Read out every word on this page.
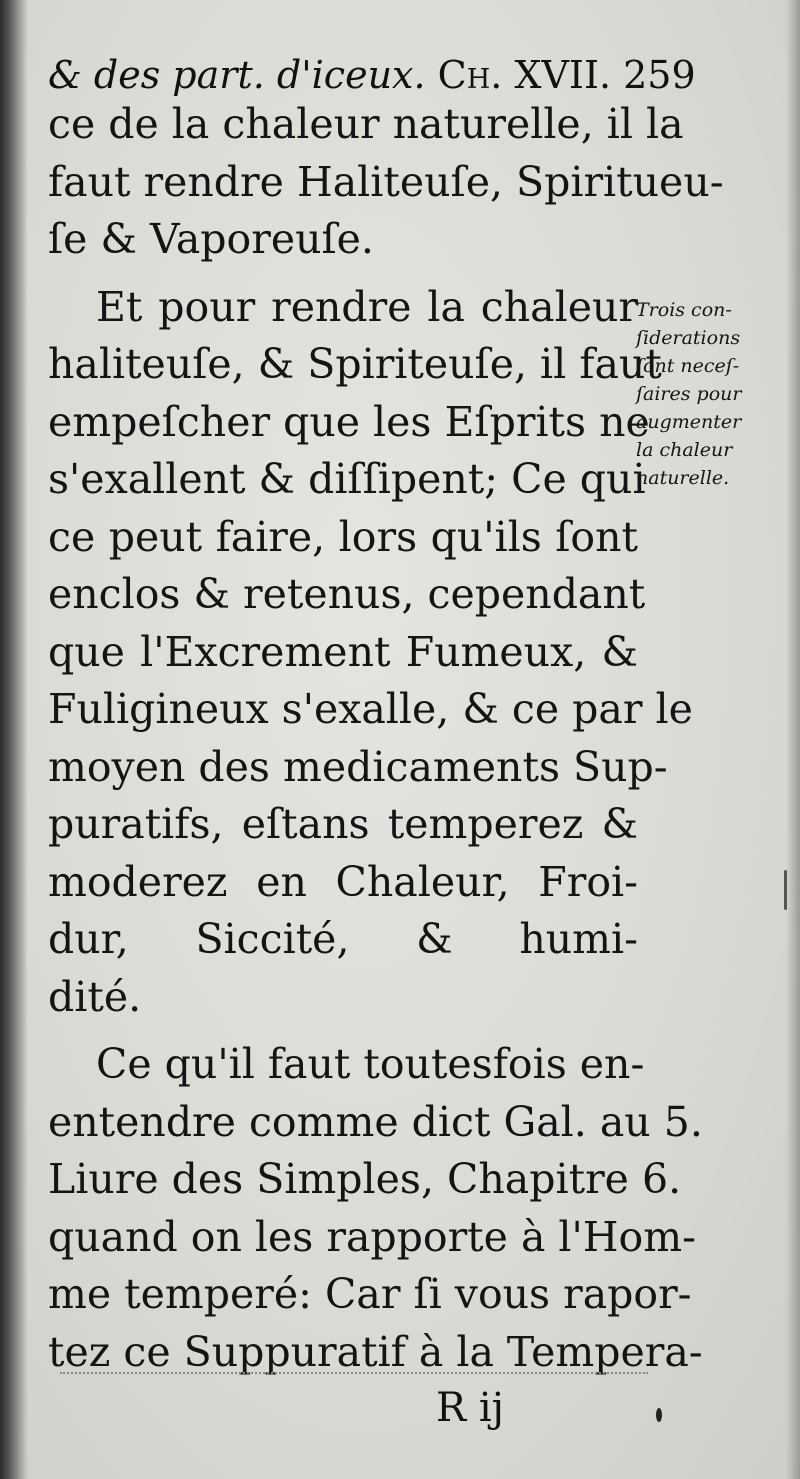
& des part. d'iceux. Ch. XVII. 259
ce de la chaleur naturelle, il la
faut rendre Haliteuſe, Spiritueu-
ſe & Vaporeuſe.
Et pour rendre la chaleur
haliteuſe, & Spiriteuſe, il faut
empeſcher que les Eſprits ne
s'exallent & diſſipent; Ce qui
ce peut faire, lors qu'ils ſont
enclos & retenus, cependant
que l'Excrement Fumeux, &
Fuligineux s'exalle, & ce par le
moyen des medicaments Sup-
puratifs, eſtans temperez &
moderez en Chaleur, Froi-
dur, Siccité, & humi-
dité.
Ce qu'il faut toutesfois en-
entendre comme dict Gal. au 5.
Liure des Simples, Chapitre 6.
quand on les rapporte à l'Hom-
me temperé: Car ſi vous rapor-
tez ce Suppuratif à la Tempera-
Trois con-
ſiderations
ſont neceſ-
ſaires pour
augmenter
la chaleur
naturelle.
R ij
